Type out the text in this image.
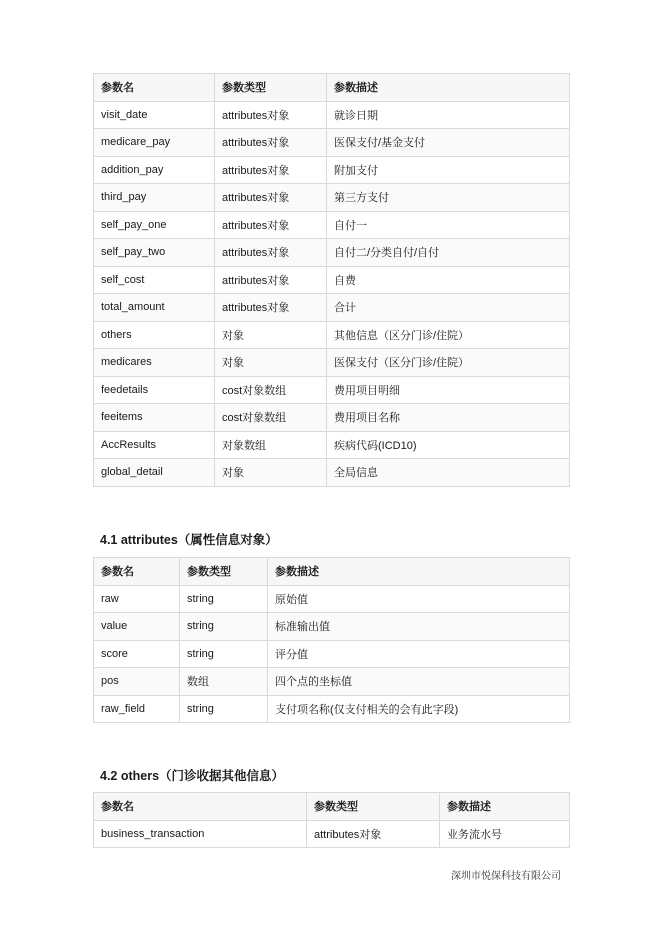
参数名	参数类型	参数描述
visit_date	attributes对象	就诊日期
medicare_pay	attributes对象	医保支付/基金支付
addition_pay	attributes对象	附加支付
third_pay	attributes对象	第三方支付
self_pay_one	attributes对象	自付一
self_pay_two	attributes对象	自付二/分类自付/自付
self_cost	attributes对象	自费
total_amount	attributes对象	合计
others	对象	其他信息（区分门诊/住院）
medicares	对象	医保支付（区分门诊/住院）
feedetails	cost对象数组	费用项目明细
feeitems	cost对象数组	费用项目名称
AccResults	对象数组	疾病代码(ICD10)
global_detail	对象	全局信息
4.1 attributes（属性信息对象）
参数名	参数类型	参数描述
raw	string	原始值
value	string	标准输出值
score	string	评分值
pos	数组	四个点的坐标值
raw_field	string	支付项名称(仅支付相关的会有此字段)
4.2 others（门诊收据其他信息）
参数名	参数类型	参数描述
business_transaction	attributes对象	业务流水号
深圳市悦保科技有限公司
